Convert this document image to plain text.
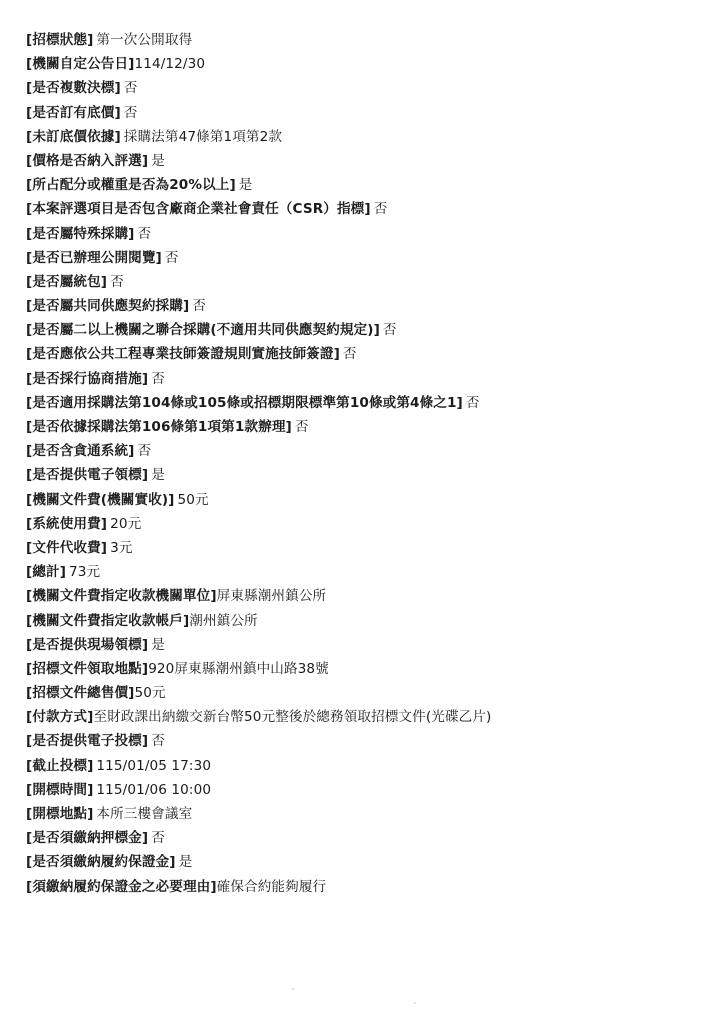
[招標狀態] 第一次公開取得
[機關自定公告日]114/12/30
[是否複數決標] 否
[是否訂有底價] 否
[未訂底價依據] 採購法第47條第1項第2款
[價格是否納入評選] 是
[所占配分或權重是否為20%以上] 是
[本案評選項目是否包含廠商企業社會責任（CSR）指標] 否
[是否屬特殊採購] 否
[是否已辦理公開閱覽] 否
[是否屬統包] 否
[是否屬共同供應契約採購] 否
[是否屬二以上機關之聯合採購(不適用共同供應契約規定)] 否
[是否應依公共工程專業技師簽證規則實施技師簽證] 否
[是否採行協商措施] 否
[是否適用採購法第104條或105條或招標期限標準第10條或第4條之1] 否
[是否依據採購法第106條第1項第1款辦理] 否
[是否含貪通系統] 否
[是否提供電子領標] 是
[機關文件費(機關實收)] 50元
[系統使用費] 20元
[文件代收費] 3元
[總計] 73元
[機關文件費指定收款機關單位]屏東縣潮州鎮公所
[機關文件費指定收款帳戶]潮州鎮公所
[是否提供現場領標] 是
[招標文件領取地點]920屏東縣潮州鎮中山路38號
[招標文件總售價]50元
[付款方式]至財政課出納繳交新台幣50元整後於總務領取招標文件(光碟乙片)
[是否提供電子投標] 否
[截止投標] 115/01/05 17:30
[開標時間] 115/01/06 10:00
[開標地點] 本所三樓會議室
[是否須繳納押標金] 否
[是否須繳納履約保證金] 是
[須繳納履約保證金之必要理由]確保合約能夠履行
